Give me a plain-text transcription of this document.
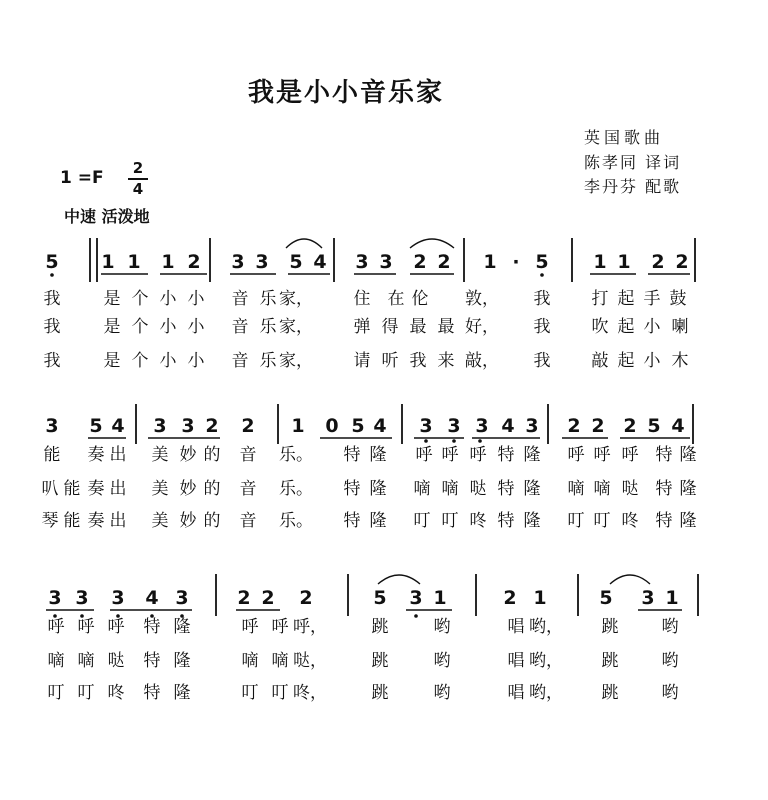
我是小小音乐家
英国歌曲
陈孝同 译词
李丹芬 配歌
1 =F	2
4
中速 活泼地
5 1 1 1 2 3 3 5 4 3 3 2 2 1 · 5 1 1 2 2
我	是 个 小 小 音 乐 家， 住 在 伦 敦， 我 打 起 手 鼓
我	是 个 小 小 音 乐 家， 弹 得 最 最 好， 我 吹 起 小 喇
我	是 个 小 小 音 乐 家， 请 听 我 来 敲， 我 敲 起 小 木
3 5 4 3 3 2 2 1 0 5 4 3 3 3 4 3 2 2 2 5 4
能 奏 出 美 妙 的 音 乐。 特 隆 呼 呼 呼 特 隆 呼 呼 呼 特 隆
叭 能 奏 出 美 妙 的 音 乐。 特 隆 嘀 嘀 哒 特 隆 嘀 嘀 哒 特 隆
琴 能 奏 出 美 妙 的 音 乐。 特 隆 叮 叮 咚 特 隆 叮 叮 咚 特 隆
3 3 3 4 3	2 2 2	5 3 1	2 1	5 3 1
呼 呼 呼 特 隆	呼 呼 呼，	跳	哟	唱 哟， 跳	哟
嘀 嘀 哒 特 隆	嘀 嘀 哒，	跳	哟	唱 哟， 跳	哟
叮 叮 咚 特 隆	叮 叮 咚，	跳	哟	唱 哟， 跳	哟
